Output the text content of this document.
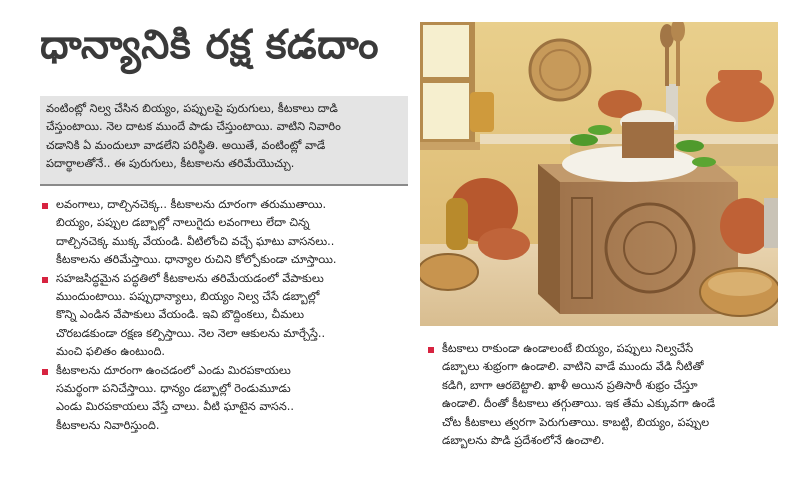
ధాన్యానికి రక్ష కడదాం

వంటింట్లో నిల్వ చేసిన బియ్యం, పప్పులపై పురుగులు, కీటకాలు దాడి

చేస్తుంటాయి. నెల దాటక ముందే పాడు చేస్తుంటాయి. వాటిని నివారిం

చడానికి ఏ మందులూ వాడలేని పరిస్థితి. అయితే, వంటింట్లో వాడే

పదార్థాలతోనే.. ఈ పురుగులు, కీటకాలను తరిమేయొచ్చు.

లవంగాలు, దాల్చినచెక్క.. కీటకాలను దూరంగా తరుముతాయి.

బియ్యం, పప్పుల డబ్బాల్లో నాలుగైదు లవంగాలు లేదా చిన్న

దాల్చినచెక్క ముక్క వేయండి. వీటిలోంచి వచ్చే ఘాటు వాసనలు..

కీటకాలను తరిమేస్తాయి. ధాన్యాల రుచిని కోల్పోకుండా చూస్తాయి.

సహజసిద్ధమైన పద్ధతిలో కీటకాలను తరిమేయడంలో వేపాకులు

ముందుంటాయి. పప్పుధాన్యాలు, బియ్యం నిల్వ చేసే డబ్బాల్లో

కొన్ని ఎండిన వేపాకులు వేయండి. ఇవి బొద్దింకలు, చీమలు

చొరబడకుండా రక్షణ కల్పిస్తాయి. నెల నెలా ఆకులను మార్చేస్తే..

మంచి ఫలితం ఉంటుంది.

కీటకాలను దూరంగా ఉంచడంలో ఎండు మిరపకాయలు

సమర్థంగా పనిచేస్తాయి. ధాన్యం డబ్బాల్లో రెండుమూడు

ఎండు మిరపకాయలు వేస్తే చాలు. వీటి ఘాటైన వాసన..

కీటకాలను నివారిస్తుంది.

కీటకాలు రాకుండా ఉండాలంటే బియ్యం, పప్పులు నిల్వచేసే

డబ్బాలు శుభ్రంగా ఉండాలి. వాటిని వాడే ముందు వేడి నీటితో

కడిగి, బాగా ఆరబెట్టాలి. ఖాళీ అయిన ప్రతిసారీ శుభ్రం చేస్తూ

ఉండాలి. దీంతో కీటకాలు తగ్గుతాయి. ఇక తేమ ఎక్కువగా ఉండే

చోట కీటకాలు త్వరగా పెరుగుతాయి. కాబట్టి, బియ్యం, పప్పుల

డబ్బాలను పొడి ప్రదేశంలోనే ఉంచాలి.
